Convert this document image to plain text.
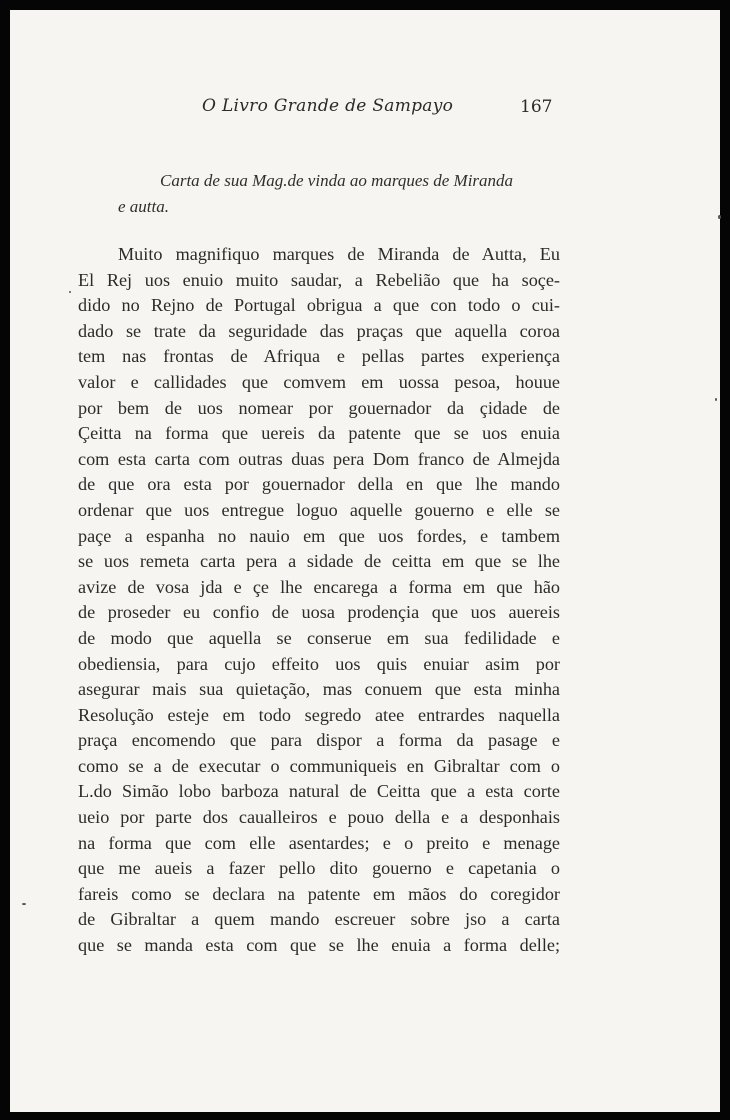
O Livro Grande de Sampayo	167
Carta de sua Mag.de vinda ao marques de Miranda
e autta.
Muito magnifiquo marques de Miranda de Autta, Eu
El Rej uos enuio muito saudar, a Rebelião que ha soçe-
dido no Rejno de Portugal obrigua a que con todo o cui-
dado se trate da seguridade das praças que aquella coroa
tem nas frontas de Afriqua e pellas partes experiença
valor e callidades que comvem em uossa pesoa, houue
por bem de uos nomear por gouernador da çidade de
Çeitta na forma que uereis da patente que se uos enuia
com esta carta com outras duas pera Dom franco de Almejda
de que ora esta por gouernador della en que lhe mando
ordenar que uos entregue loguo aquelle gouerno e elle se
paçe a espanha no nauio em que uos fordes, e tambem
se uos remeta carta pera a sidade de ceitta em que se lhe
avize de vosa jda e çe lhe encarega a forma em que hão
de proseder eu confio de uosa prodençia que uos auereis
de modo que aquella se conserue em sua fedilidade e
obediensia, para cujo effeito uos quis enuiar asim por
asegurar mais sua quietação, mas conuem que esta minha
Resolução esteje em todo segredo atee entrardes naquella
praça encomendo que para dispor a forma da pasage e
como se a de executar o communiqueis en Gibraltar com o
L.do Simão lobo barboza natural de Ceitta que a esta corte
ueio por parte dos caualleiros e pouo della e a desponhais
na forma que com elle asentardes; e o preito e menage
que me aueis a fazer pello dito gouerno e capetania o
fareis como se declara na patente em mãos do coregidor
de Gibraltar a quem mando escreuer sobre jso a carta
que se manda esta com que se lhe enuia a forma delle;
